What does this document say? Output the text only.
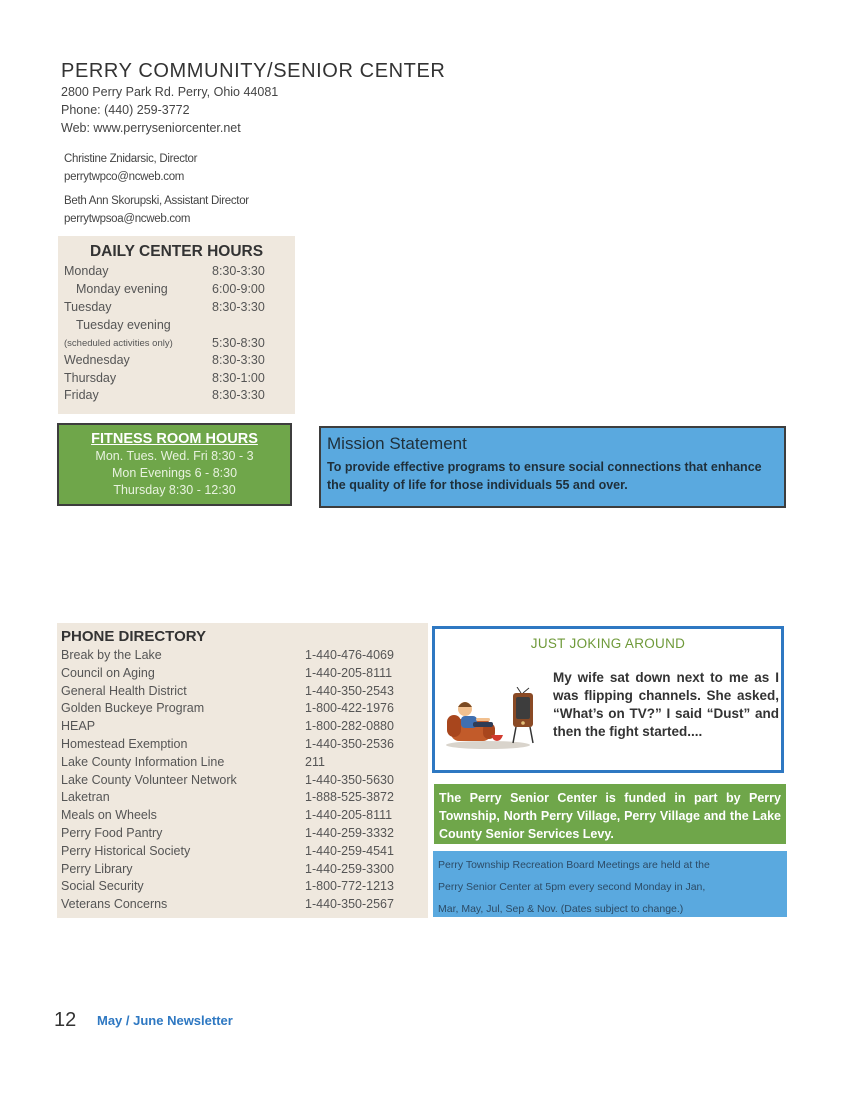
PERRY COMMUNITY/SENIOR CENTER
2800 Perry Park Rd. Perry, Ohio 44081
Phone: (440) 259-3772
Web: www.perryseniorcenter.net
Christine Znidarsic, Director
perrytwpco@ncweb.com
Beth Ann Skorupski, Assistant Director
perrytwpsoa@ncweb.com
DAILY CENTER HOURS
Monday	8:30-3:30
Monday evening	6:00-9:00
Tuesday	8:30-3:30
Tuesday evening
(scheduled activities only)	5:30-8:30
Wednesday	8:30-3:30
Thursday	8:30-1:00
Friday	8:30-3:30
FITNESS ROOM HOURS
Mon. Tues. Wed. Fri 8:30 - 3
Mon Evenings 6 - 8:30
Thursday 8:30 - 12:30
Mission Statement
To provide effective programs to ensure social connections that enhance the quality of life for those individuals 55 and over.
PHONE DIRECTORY
Break by the Lake	1-440-476-4069
Council on Aging	1-440-205-8111
General Health District	1-440-350-2543
Golden Buckeye Program	1-800-422-1976
HEAP	1-800-282-0880
Homestead Exemption	1-440-350-2536
Lake County Information Line	211
Lake County Volunteer Network	1-440-350-5630
Laketran	1-888-525-3872
Meals on Wheels	1-440-205-8111
Perry Food Pantry	1-440-259-3332
Perry Historical Society	1-440-259-4541
Perry Library	1-440-259-3300
Social Security	1-800-772-1213
Veterans Concerns	1-440-350-2567
JUST JOKING AROUND
My wife sat down next to me as I was flipping channels. She asked, “What’s on TV?” I said “Dust” and then the fight started....
The Perry Senior Center is funded in part by Perry Township, North Perry Village, Perry Village and the Lake County Senior Services Levy.
Perry Township Recreation Board Meetings are held at the
Perry Senior Center at 5pm every second Monday in Jan,
Mar, May, Jul, Sep & Nov. (Dates subject to change.)
12 May / June Newsletter
